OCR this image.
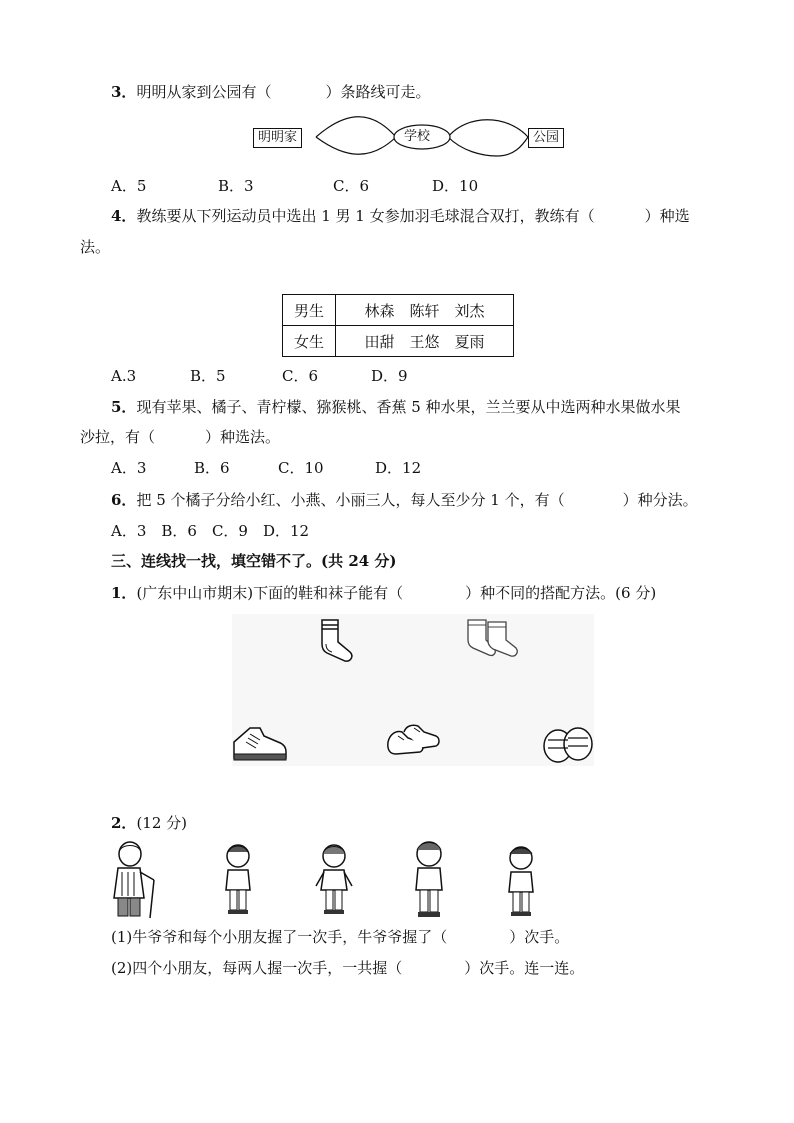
3．明明从家到公园有（	）条路线可走。
明明家	学校	公园
A．5	B．3	C．6	D．10
4．教练要从下列运动员中选出 1 男 1 女参加羽毛球混合双打，教练有（	）种选
法。
男生	林森　陈轩　刘杰
女生	田甜　王悠　夏雨
A.3	B．5	C．6	D．9
5．现有苹果、橘子、青柠檬、猕猴桃、香蕉 5 种水果，兰兰要从中选两种水果做水果
沙拉，有（	）种选法。
A．3	B．6	C．10	D．12
6．把 5 个橘子分给小红、小燕、小丽三人，每人至少分 1 个，有（	）种分法。
A．3　B．6　C．9　D．12
三、连线找一找，填空错不了。(共 24 分)
1．(广东中山市期末)下面的鞋和袜子能有（	）种不同的搭配方法。(6 分)
2．(12 分)
(1)牛爷爷和每个小朋友握了一次手，牛爷爷握了（	）次手。
(2)四个小朋友，每两人握一次手，一共握（	）次手。连一连。
